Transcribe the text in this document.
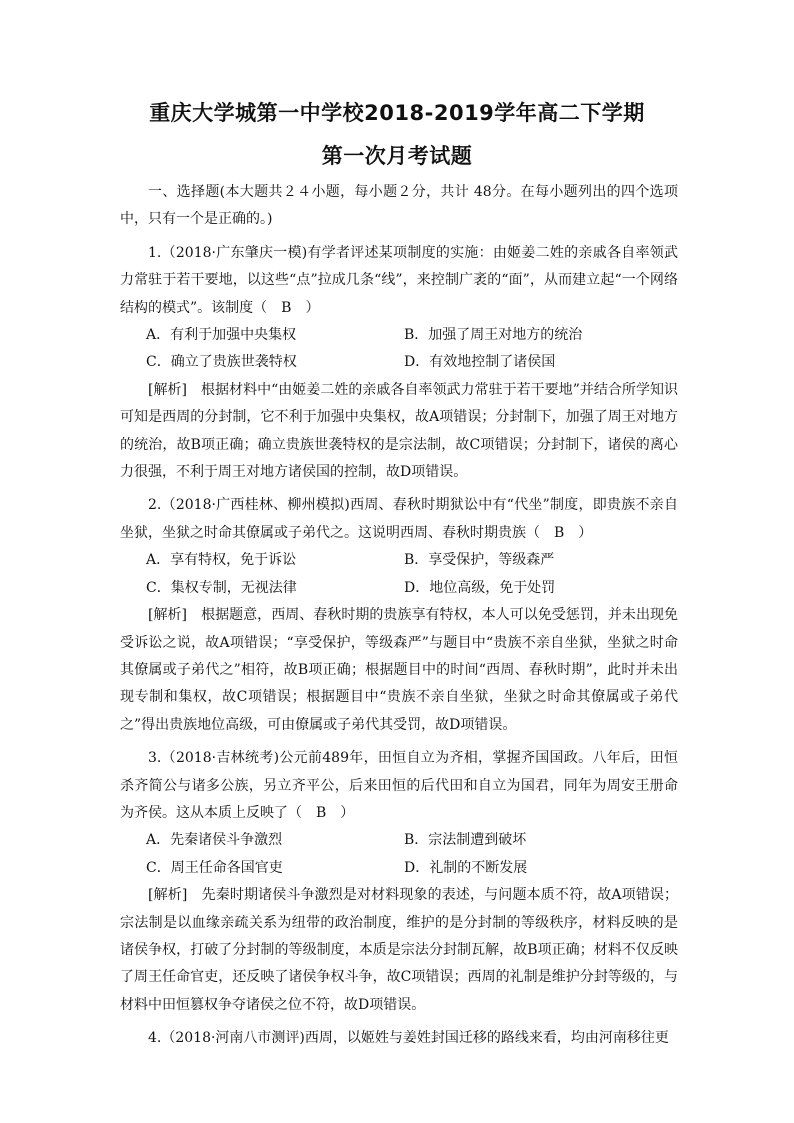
重庆大学城第一中学校2018-2019学年高二下学期
第一次月考试题

一、选择题(本大题共２４小题，每小题２分，共计 48分。在每小题列出的四个选项中，只有一个是正确的。)

1.（2018·广东肇庆一模)有学者评述某项制度的实施：由姬姜二姓的亲戚各自率领武力常驻于若干要地，以这些“点”拉成几条“线”，来控制广袤的“面”，从而建立起“一个网络结构的模式”。该制度（　B　）

A．有利于加强中央集权	B．加强了周王对地方的统治
C．确立了贵族世袭特权	D．有效地控制了诸侯国

[解析]　根据材料中“由姬姜二姓的亲戚各自率领武力常驻于若干要地”并结合所学知识可知是西周的分封制，它不利于加强中央集权，故A项错误；分封制下，加强了周王对地方的统治，故B项正确；确立贵族世袭特权的是宗法制，故C项错误；分封制下，诸侯的离心力很强，不利于周王对地方诸侯国的控制，故D项错误。

2.（2018·广西桂林、柳州模拟)西周、春秋时期狱讼中有“代坐”制度，即贵族不亲自坐狱，坐狱之时命其僚属或子弟代之。这说明西周、春秋时期贵族（　B　）

A．享有特权，免于诉讼	B．享受保护，等级森严
C．集权专制，无视法律	D．地位高级，免于处罚

[解析]　根据题意，西周、春秋时期的贵族享有特权，本人可以免受惩罚，并未出现免受诉讼之说，故A项错误；“享受保护，等级森严”与题目中“贵族不亲自坐狱，坐狱之时命其僚属或子弟代之”相符，故B项正确；根据题目中的时间“西周、春秋时期”，此时并未出现专制和集权，故C项错误；根据题目中“贵族不亲自坐狱，坐狱之时命其僚属或子弟代之”得出贵族地位高级，可由僚属或子弟代其受罚，故D项错误。

3.（2018·吉林统考)公元前489年，田恒自立为齐相，掌握齐国国政。八年后，田恒杀齐简公与诸多公族，另立齐平公，后来田恒的后代田和自立为国君，同年为周安王册命为齐侯。这从本质上反映了（　B　）

A．先秦诸侯斗争激烈	B．宗法制遭到破坏
C．周王任命各国官吏	D．礼制的不断发展

[解析]　先秦时期诸侯斗争激烈是对材料现象的表述，与问题本质不符，故A项错误；宗法制是以血缘亲疏关系为纽带的政治制度，维护的是分封制的等级秩序，材料反映的是诸侯争权，打破了分封制的等级制度，本质是宗法分封制瓦解，故B项正确；材料不仅反映了周王任命官吏，还反映了诸侯争权斗争，故C项错误；西周的礼制是维护分封等级的，与材料中田恒篡权争夺诸侯之位不符，故D项错误。

4.（2018·河南八市测评)西周，以姬姓与姜姓封国迁移的路线来看，均由河南移往更
